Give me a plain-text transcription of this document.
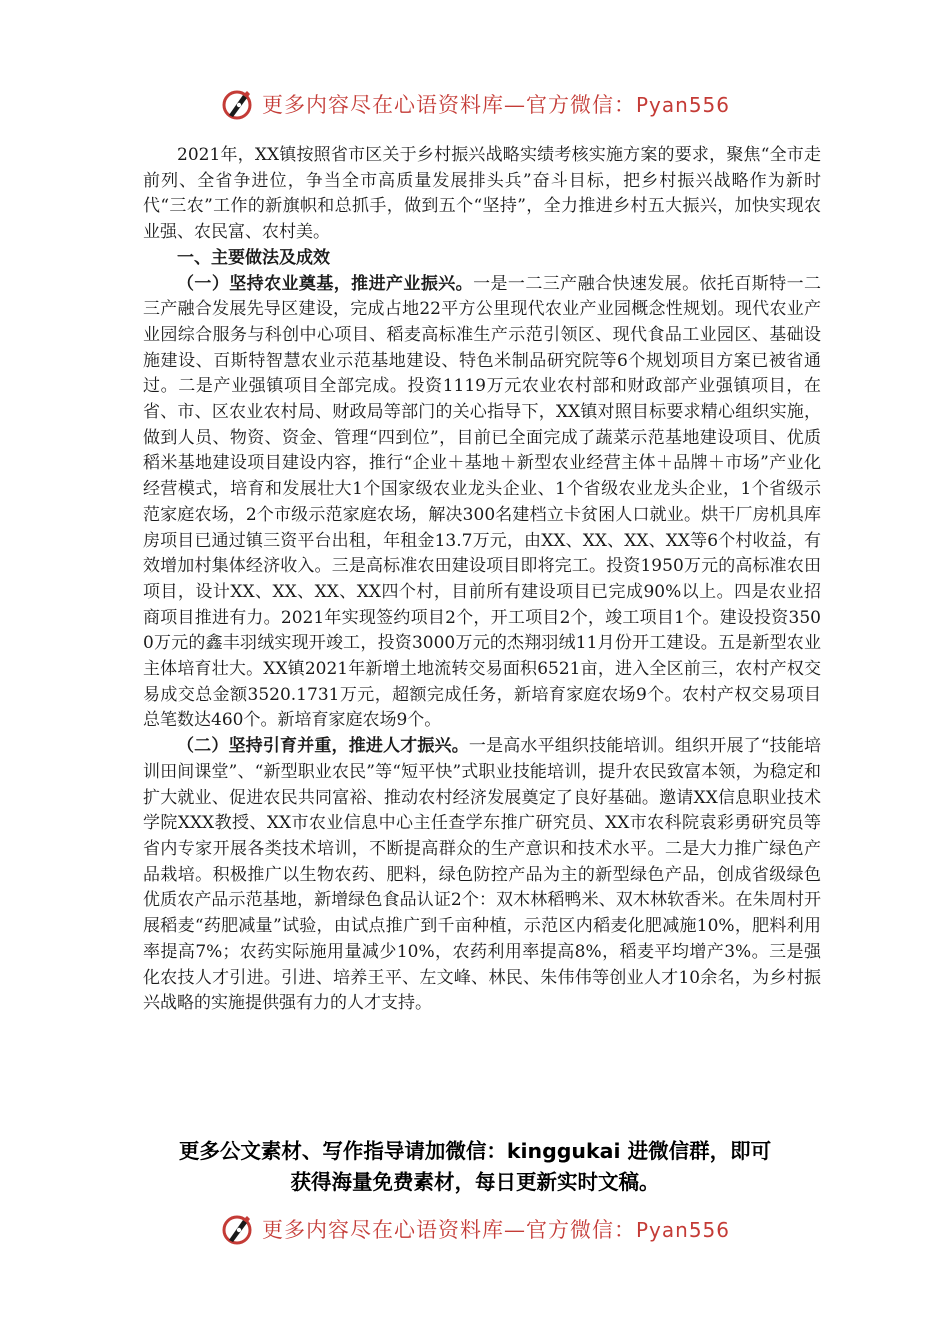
更多内容尽在心语资料库—官方微信：Pyan556

2021年，XX镇按照省市区关于乡村振兴战略实绩考核实施方案的要求，聚焦“全市走前列、全省争进位，争当全市高质量发展排头兵”奋斗目标，把乡村振兴战略作为新时代“三农”工作的新旗帜和总抓手，做到五个“坚持”，全力推进乡村五大振兴，加快实现农业强、农民富、农村美。

一、主要做法及成效

（一）坚持农业奠基，推进产业振兴。一是一二三产融合快速发展。依托百斯特一二三产融合发展先导区建设，完成占地22平方公里现代农业产业园概念性规划。现代农业产业园综合服务与科创中心项目、稻麦高标准生产示范引领区、现代食品工业园区、基础设施建设、百斯特智慧农业示范基地建设、特色米制品研究院等6个规划项目方案已被省通过。二是产业强镇项目全部完成。投资1119万元农业农村部和财政部产业强镇项目，在省、市、区农业农村局、财政局等部门的关心指导下，XX镇对照目标要求精心组织实施，做到人员、物资、资金、管理“四到位”，目前已全面完成了蔬菜示范基地建设项目、优质稻米基地建设项目建设内容，推行“企业＋基地＋新型农业经营主体＋品牌＋市场”产业化经营模式，培育和发展壮大1个国家级农业龙头企业、1个省级农业龙头企业，1个省级示范家庭农场，2个市级示范家庭农场，解决300名建档立卡贫困人口就业。烘干厂房机具库房项目已通过镇三资平台出租，年租金13.7万元，由XX、XX、XX、XX等6个村收益，有效增加村集体经济收入。三是高标准农田建设项目即将完工。投资1950万元的高标准农田项目，设计XX、XX、XX、XX四个村，目前所有建设项目已完成90%以上。四是农业招商项目推进有力。2021年实现签约项目2个，开工项目2个，竣工项目1个。建设投资3500万元的鑫丰羽绒实现开竣工，投资3000万元的杰翔羽绒11月份开工建设。五是新型农业主体培育壮大。XX镇2021年新增土地流转交易面积6521亩，进入全区前三，农村产权交易成交总金额3520.1731万元，超额完成任务，新培育家庭农场9个。农村产权交易项目总笔数达460个。新培育家庭农场9个。

（二）坚持引育并重，推进人才振兴。一是高水平组织技能培训。组织开展了“技能培训田间课堂”、“新型职业农民”等“短平快”式职业技能培训，提升农民致富本领，为稳定和扩大就业、促进农民共同富裕、推动农村经济发展奠定了良好基础。邀请XX信息职业技术学院XXX教授、XX市农业信息中心主任查学东推广研究员、XX市农科院袁彩勇研究员等省内专家开展各类技术培训，不断提高群众的生产意识和技术水平。二是大力推广绿色产品栽培。积极推广以生物农药、肥料，绿色防控产品为主的新型绿色产品，创成省级绿色优质农产品示范基地，新增绿色食品认证2个：双木林稻鸭米、双木林软香米。在朱周村开展稻麦“药肥减量”试验，由试点推广到千亩种植，示范区内稻麦化肥减施10%，肥料利用率提高7%；农药实际施用量减少10%，农药利用率提高8%，稻麦平均增产3%。三是强化农技人才引进。引进、培养王平、左文峰、林民、朱伟伟等创业人才10余名，为乡村振兴战略的实施提供强有力的人才支持。

更多公文素材、写作指导请加微信：kinggukai 进微信群，即可
获得海量免费素材，每日更新实时文稿。
更多内容尽在心语资料库—官方微信：Pyan556
